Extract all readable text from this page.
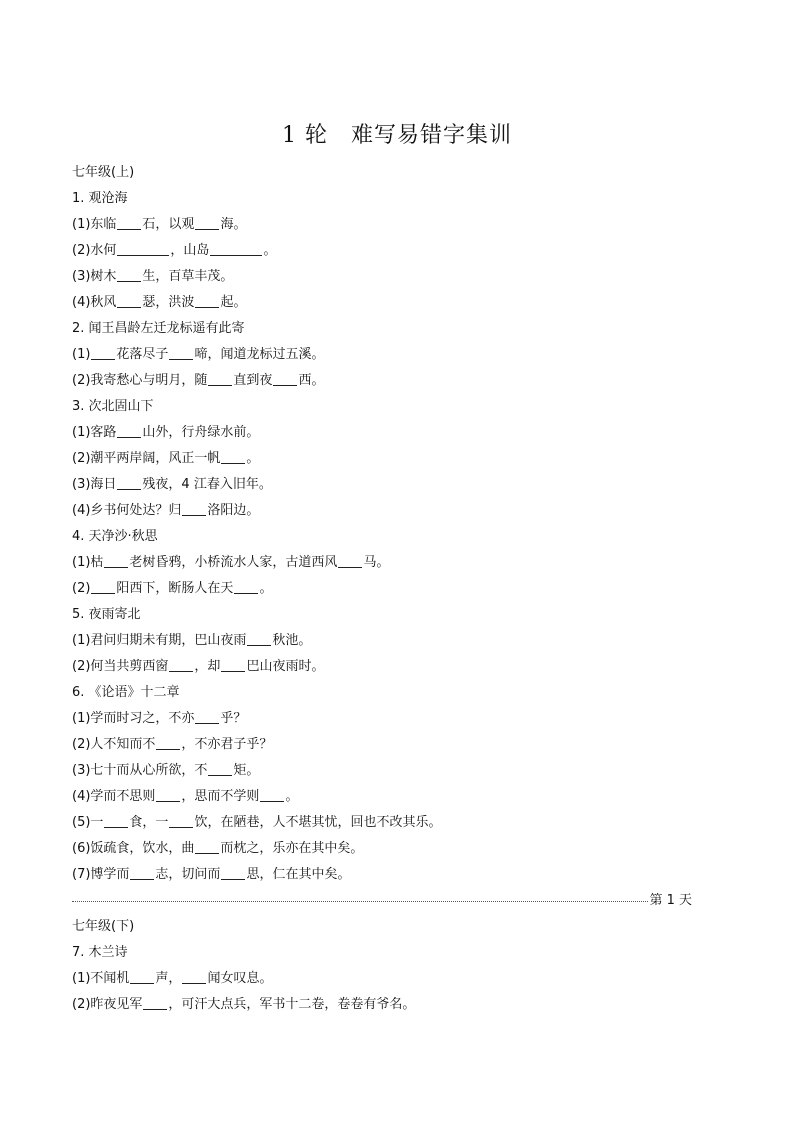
1 轮　难写易错字集训
七年级(上)
1. 观沧海
(1)东临 石，以观 海。
(2)水何	，山岛	。
(3)树木 生，百草丰茂。
(4)秋风 瑟，洪波 起。
2. 闻王昌龄左迁龙标遥有此寄
(1) 花落尽子 啼，闻道龙标过五溪。
(2)我寄愁心与明月，随 直到夜 西。
3. 次北固山下
(1)客路 山外，行舟绿水前。
(2)潮平两岸阔，风正一帆 。
(3)海日 残夜，4 江春入旧年。
(4)乡书何处达？归 洛阳边。
4. 天净沙·秋思
(1)枯 老树昏鸦，小桥流水人家，古道西风 马。
(2) 阳西下，断肠人在天 。
5. 夜雨寄北
(1)君问归期未有期，巴山夜雨 秋池。
(2)何当共剪西窗 ，却 巴山夜雨时。
6. 《论语》十二章
(1)学而时习之，不亦 乎？
(2)人不知而不 ，不亦君子乎？
(3)七十而从心所欲，不 矩。
(4)学而不思则 ，思而不学则 。
(5)一 食，一 饮，在陋巷，人不堪其忧，回也不改其乐。
(6)饭疏食，饮水，曲 而枕之，乐亦在其中矣。
(7)博学而 志，切问而 思，仁在其中矣。
第 1 天
七年级(下)
7. 木兰诗
(1)不闻机 声， 闻女叹息。
(2)昨夜见军 ，可汗大点兵，军书十二卷，卷卷有爷名。
